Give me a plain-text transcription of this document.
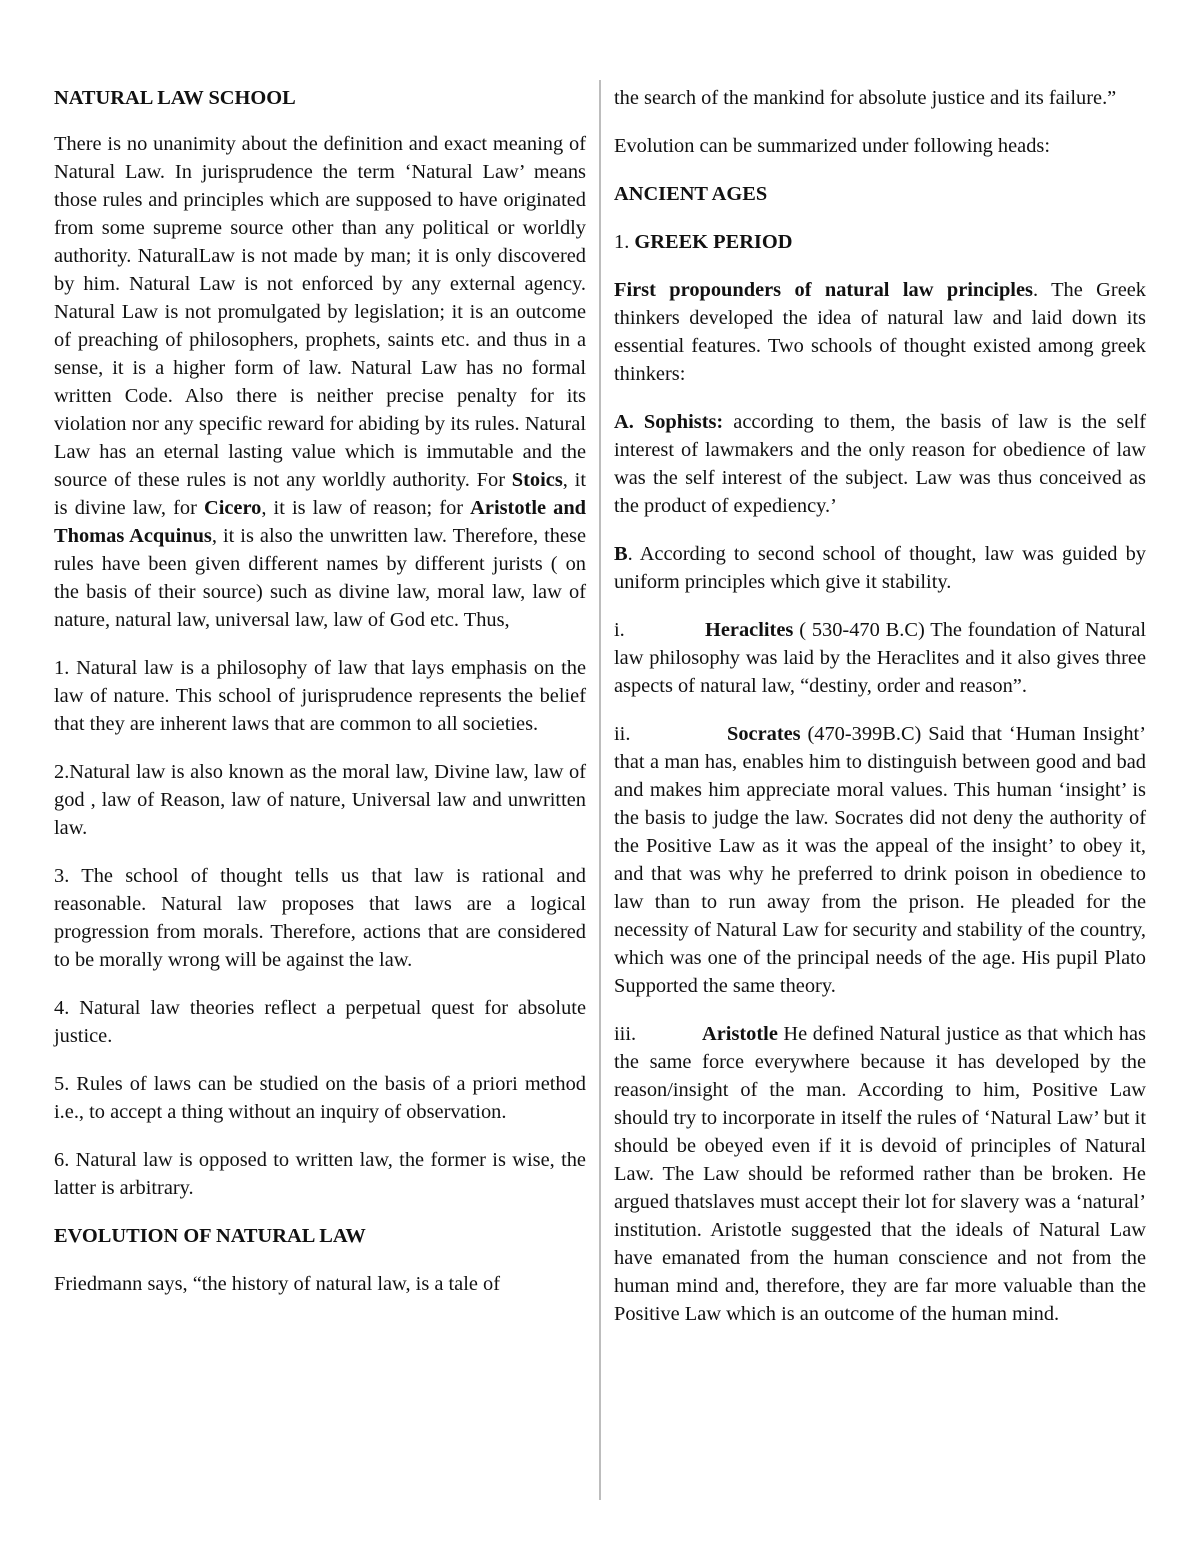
NATURAL LAW SCHOOL

There is no unanimity about the definition and exact meaning of Natural Law. In jurisprudence the term ‘Natural Law’ means those rules and principles which are supposed to have originated from some supreme source other than any political or worldly authority. NaturalLaw is not made by man; it is only discovered by him. Natural Law is not enforced by any external agency. Natural Law is not promulgated by legislation; it is an outcome of preaching of philosophers, prophets, saints etc. and thus in a sense, it is a higher form of law. Natural Law has no formal written Code. Also there is neither precise penalty for its violation nor any specific reward for abiding by its rules. Natural Law has an eternal lasting value which is immutable and the source of these rules is not any worldly authority. For Stoics, it is divine law, for Cicero, it is law of reason; for Aristotle and Thomas Acquinus, it is also the unwritten law. Therefore, these rules have been given different names by different jurists ( on the basis of their source) such as divine law, moral law, law of nature, natural law, universal law, law of God etc. Thus,

1. Natural law is a philosophy of law that lays emphasis on the law of nature. This school of jurisprudence represents the belief that they are inherent laws that are common to all societies.

2.Natural law is also known as the moral law, Divine law, law of god , law of Reason, law of nature, Universal law and unwritten law.

3. The school of thought tells us that law is rational and reasonable. Natural law proposes that laws are a logical progression from morals. Therefore, actions that are considered to be morally wrong will be against the law.

4. Natural law theories reflect a perpetual quest for absolute justice.

5. Rules of laws can be studied on the basis of a priori method i.e., to accept a thing without an inquiry of observation.

6. Natural law is opposed to written law, the former is wise, the latter is arbitrary.

EVOLUTION OF NATURAL LAW

Friedmann says, “the history of natural law, is a tale of

the search of the mankind for absolute justice and its failure.”

Evolution can be summarized under following heads:

ANCIENT AGES

1. GREEK PERIOD

First propounders of natural law principles. The Greek thinkers developed the idea of natural law and laid down its essential features. Two schools of thought existed among greek thinkers:

A. Sophists: according to them, the basis of law is the self interest of lawmakers and the only reason for obedience of law was the self interest of the subject. Law was thus conceived as the product of expediency.’

B. According to second school of thought, law was guided by uniform principles which give it stability.

i.	Heraclites ( 530-470 B.C) The foundation of Natural law philosophy was laid by the Heraclites and it also gives three aspects of natural law, “destiny, order and reason”.

ii.	Socrates (470-399B.C) Said that ‘Human Insight’ that a man has, enables him to distinguish between good and bad and makes him appreciate moral values. This human ‘insight’ is the basis to judge the law. Socrates did not deny the authority of the Positive Law as it was the appeal of the insight’ to obey it, and that was why he preferred to drink poison in obedience to law than to run away from the prison. He pleaded for the necessity of Natural Law for security and stability of the country, which was one of the principal needs of the age. His pupil Plato Supported the same theory.

iii.	Aristotle He defined Natural justice as that which has the same force everywhere because it has developed by the reason/insight of the man. According to him, Positive Law should try to incorporate in itself the rules of ‘Natural Law’ but it should be obeyed even if it is devoid of principles of Natural Law. The Law should be reformed rather than be broken. He argued thatslaves must accept their lot for slavery was a ‘natural’ institution. Aristotle suggested that the ideals of Natural Law have emanated from the human conscience and not from the human mind and, therefore, they are far more valuable than the Positive Law which is an outcome of the human mind.
